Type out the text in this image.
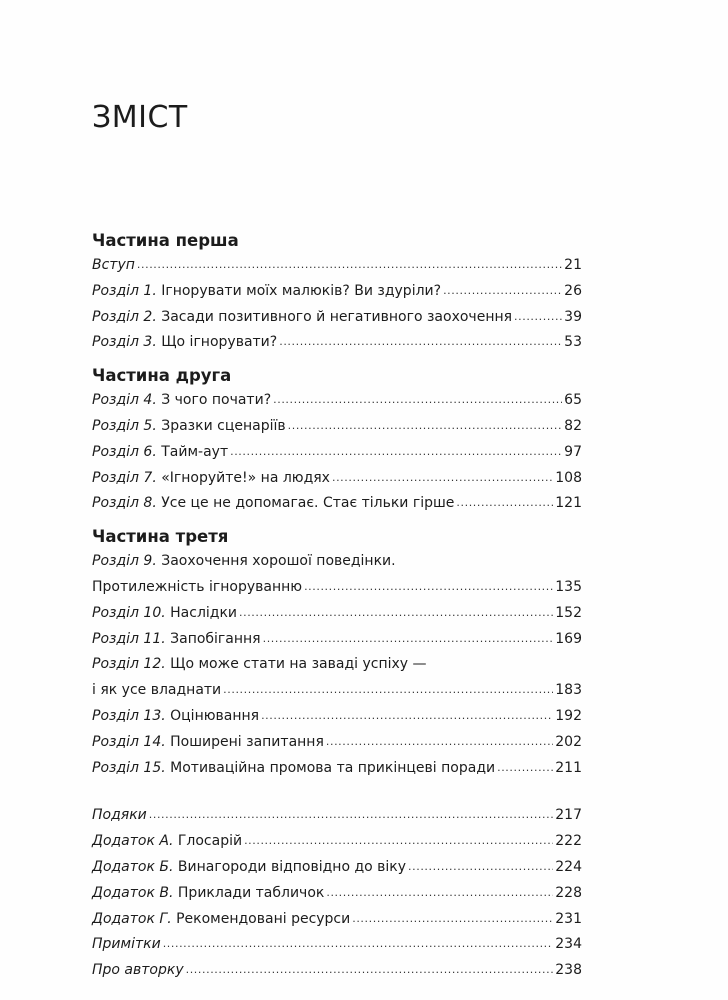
ЗМІСТ
Частина перша
Вступ .....	21
Розділ 1. Ігнорувати моїх малюків? Ви здуріли? .....	26
Розділ 2. Засади позитивного й негативного заохочення .....	39
Розділ 3. Що ігнорувати? .....	53
Частина друга
Розділ 4. З чого почати? .....	65
Розділ 5. Зразки сценаріїв .....	82
Розділ 6. Тайм-аут .....	97
Розділ 7. «Ігноруйте!» на людях .....	108
Розділ 8. Усе це не допомагає. Стає тільки гірше .....	121
Частина третя
Розділ 9. Заохочення хорошої поведінки.
Протилежність ігноруванню .....	135
Розділ 10. Наслідки .....	152
Розділ 11. Запобігання .....	169
Розділ 12. Що може стати на заваді успіху —
і як усе владнати .....	183
Розділ 13. Оцінювання .....	192
Розділ 14. Поширені запитання .....	202
Розділ 15. Мотиваційна промова та прикінцеві поради .....	211
Подяки .....	217
Додаток А. Глосарій .....	222
Додаток Б. Винагороди відповідно до віку .....	224
Додаток В. Приклади табличок .....	228
Додаток Г. Рекомендовані ресурси .....	231
Примітки .....	234
Про авторку .....	238
